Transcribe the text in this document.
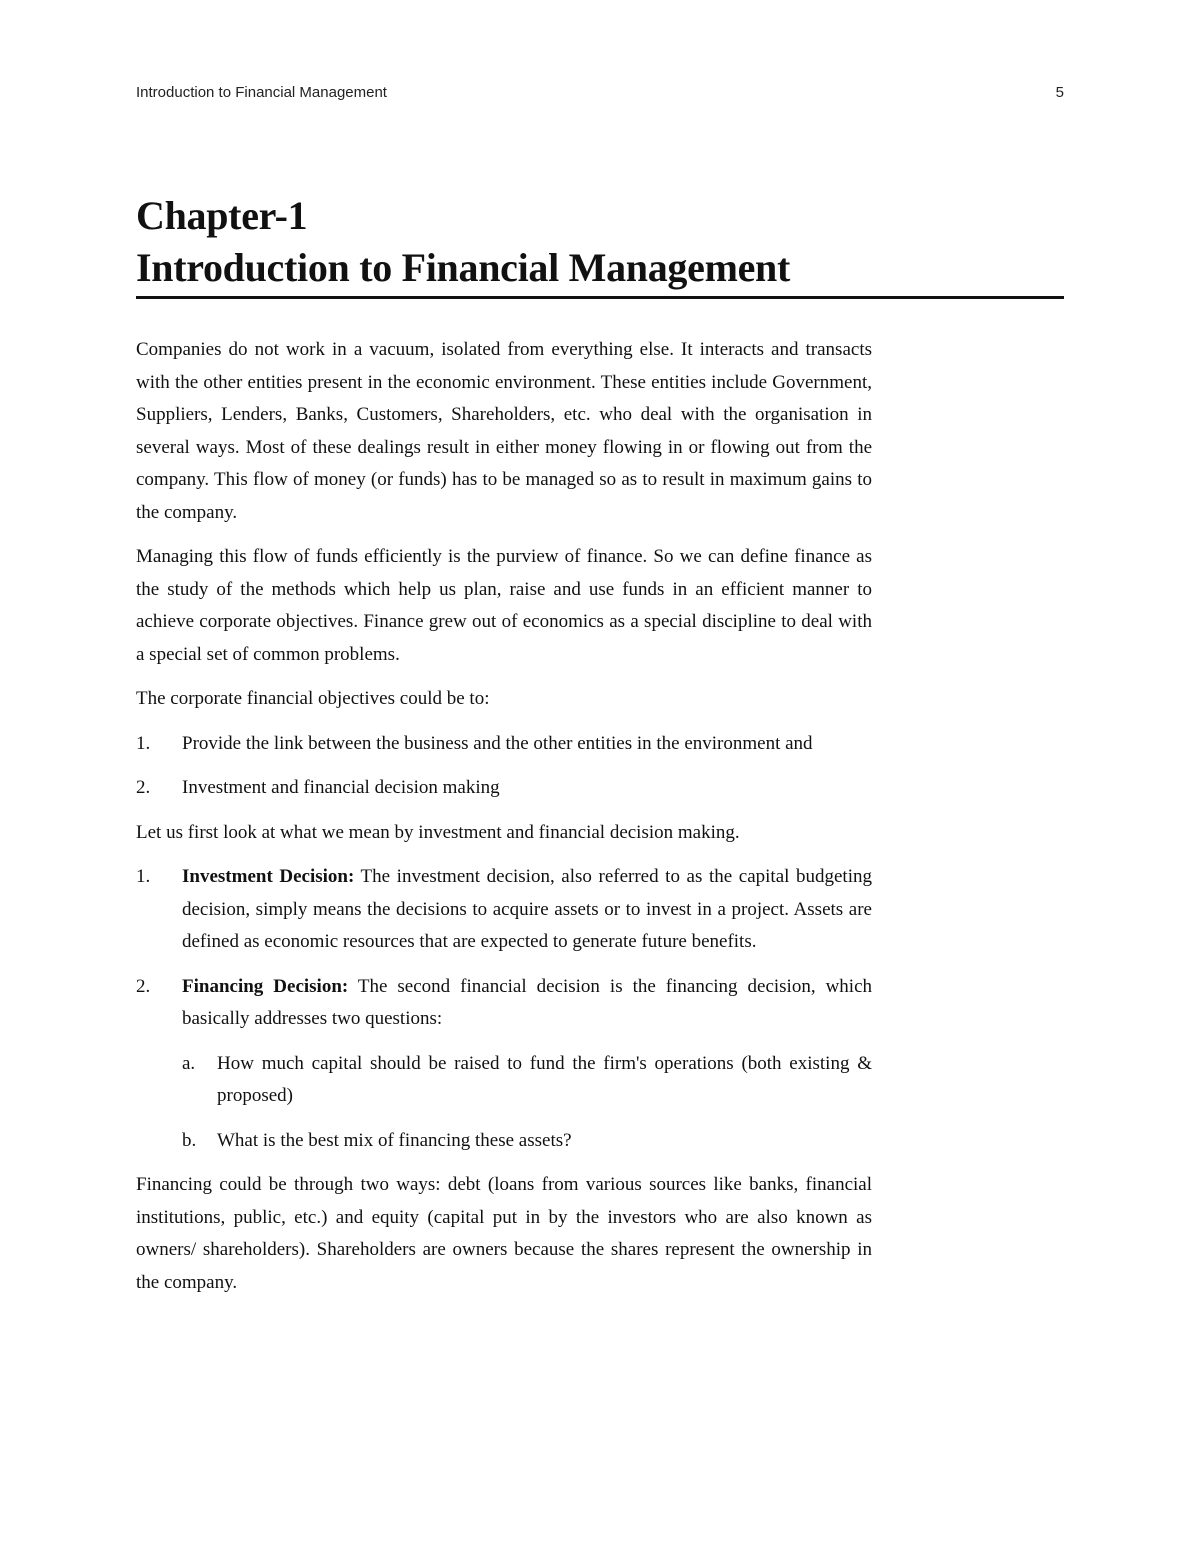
Introduction to Financial Management	5
Chapter-1
Introduction to Financial Management

Companies do not work in a vacuum, isolated from everything else. It interacts and transacts with the other entities present in the economic environment. These entities include Government, Suppliers, Lenders, Banks, Customers, Shareholders, etc. who deal with the organisation in several ways. Most of these dealings result in either money flowing in or flowing out from the company. This flow of money (or funds) has to be managed so as to result in maximum gains to the company.

Managing this flow of funds efficiently is the purview of finance. So we can define finance as the study of the methods which help us plan, raise and use funds in an efficient manner to achieve corporate objectives. Finance grew out of economics as a special discipline to deal with a special set of common problems.

The corporate financial objectives could be to:

1. Provide the link between the business and the other entities in the environment and
2. Investment and financial decision making

Let us first look at what we mean by investment and financial decision making.

1. Investment Decision: The investment decision, also referred to as the capital budgeting decision, simply means the decisions to acquire assets or to invest in a project. Assets are defined as economic resources that are expected to generate future benefits.
2. Financing Decision: The second financial decision is the financing decision, which basically addresses two questions:
a. How much capital should be raised to fund the firm's operations (both existing & proposed)
b. What is the best mix of financing these assets?

Financing could be through two ways: debt (loans from various sources like banks, financial institutions, public, etc.) and equity (capital put in by the investors who are also known as owners/ shareholders). Shareholders are owners because the shares represent the ownership in the company.
